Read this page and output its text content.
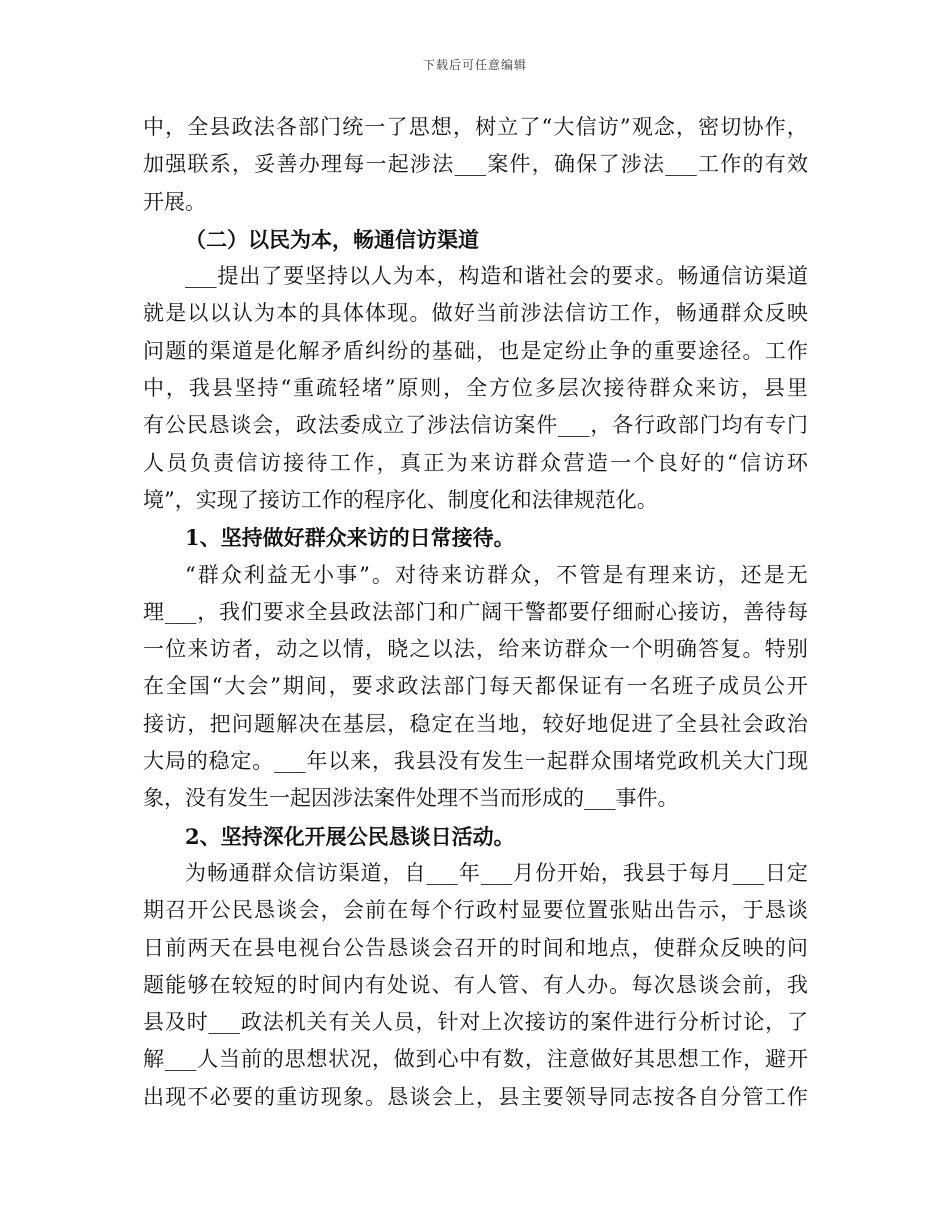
下载后可任意编辑
中 ， 全 县 政 法 各 部 门 统 一 了 思 想 ， 树 立 了 “ 大 信 访 ” 观 念 ， 密 切 协 作 ，
加 强 联 系 ， 妥 善 办 理 每 一 起 涉 法 ___ 案 件 ， 确 保 了 涉 法 ___ 工 作 的 有 效
开 展 。
（二）以民为本，畅通信访渠道
___ 提 出 了 要 坚 持 以 人 为 本 ， 构 造 和 谐 社 会 的 要 求 。 畅 通 信 访 渠 道
就 是 以 以 认 为 本 的 具 体 体 现 。 做 好 当 前 涉 法 信 访 工 作 ， 畅 通 群 众 反 映
问 题 的 渠 道 是 化 解 矛 盾 纠 纷 的 基 础 ， 也 是 定 纷 止 争 的 重 要 途 径 。 工 作
中 ， 我 县 坚 持 “ 重 疏 轻 堵 ” 原 则 ， 全 方 位 多 层 次 接 待 群 众 来 访 ， 县 里
有 公 民 恳 谈 会 ， 政 法 委 成 立 了 涉 法 信 访 案 件 ___ ， 各 行 政 部 门 均 有 专 门
人 员 负 责 信 访 接 待 工 作 ， 真 正 为 来 访 群 众 营 造 一 个 良 好 的 “ 信 访 环
境 ” ， 实 现 了 接 访 工 作 的 程 序 化 、 制 度 化 和 法 律 规 范 化 。
1、坚持做好群众来访的日常接待。
“ 群 众 利 益 无 小 事 ” 。 对 待 来 访 群 众 ， 不 管 是 有 理 来 访 ， 还 是 无
理 ___ ， 我 们 要 求 全 县 政 法 部 门 和 广 阔 干 警 都 要 仔 细 耐 心 接 访 ， 善 待 每
一 位 来 访 者 ， 动 之 以 情 ， 晓 之 以 法 ， 给 来 访 群 众 一 个 明 确 答 复 。 特 别
在 全 国 “ 大 会 ” 期 间 ， 要 求 政 法 部 门 每 天 都 保 证 有 一 名 班 子 成 员 公 开
接 访 ， 把 问 题 解 决 在 基 层 ， 稳 定 在 当 地 ， 较 好 地 促 进 了 全 县 社 会 政 治
大 局 的 稳 定 。 ___ 年 以 来 ， 我 县 没 有 发 生 一 起 群 众 围 堵 党 政 机 关 大 门 现
象 ， 没 有 发 生 一 起 因 涉 法 案 件 处 理 不 当 而 形 成 的 ___ 事 件 。
2、坚持深化开展公民恳谈日活动。
为 畅 通 群 众 信 访 渠 道 ， 自 ___ 年 ___ 月 份 开 始 ， 我 县 于 每 月 ___ 日 定
期 召 开 公 民 恳 谈 会 ， 会 前 在 每 个 行 政 村 显 要 位 置 张 贴 出 告 示 ， 于 恳 谈
日 前 两 天 在 县 电 视 台 公 告 恳 谈 会 召 开 的 时 间 和 地 点 ， 使 群 众 反 映 的 问
题 能 够 在 较 短 的 时 间 内 有 处 说 、 有 人 管 、 有 人 办 。 每 次 恳 谈 会 前 ， 我
县 及 时 ___ 政 法 机 关 有 关 人 员 ， 针 对 上 次 接 访 的 案 件 进 行 分 析 讨 论 ， 了
解 ___ 人 当 前 的 思 想 状 况 ， 做 到 心 中 有 数 ， 注 意 做 好 其 思 想 工 作 ， 避 开
出 现 不 必 要 的 重 访 现 象 。 恳 谈 会 上 ， 县 主 要 领 导 同 志 按 各 自 分 管 工 作
